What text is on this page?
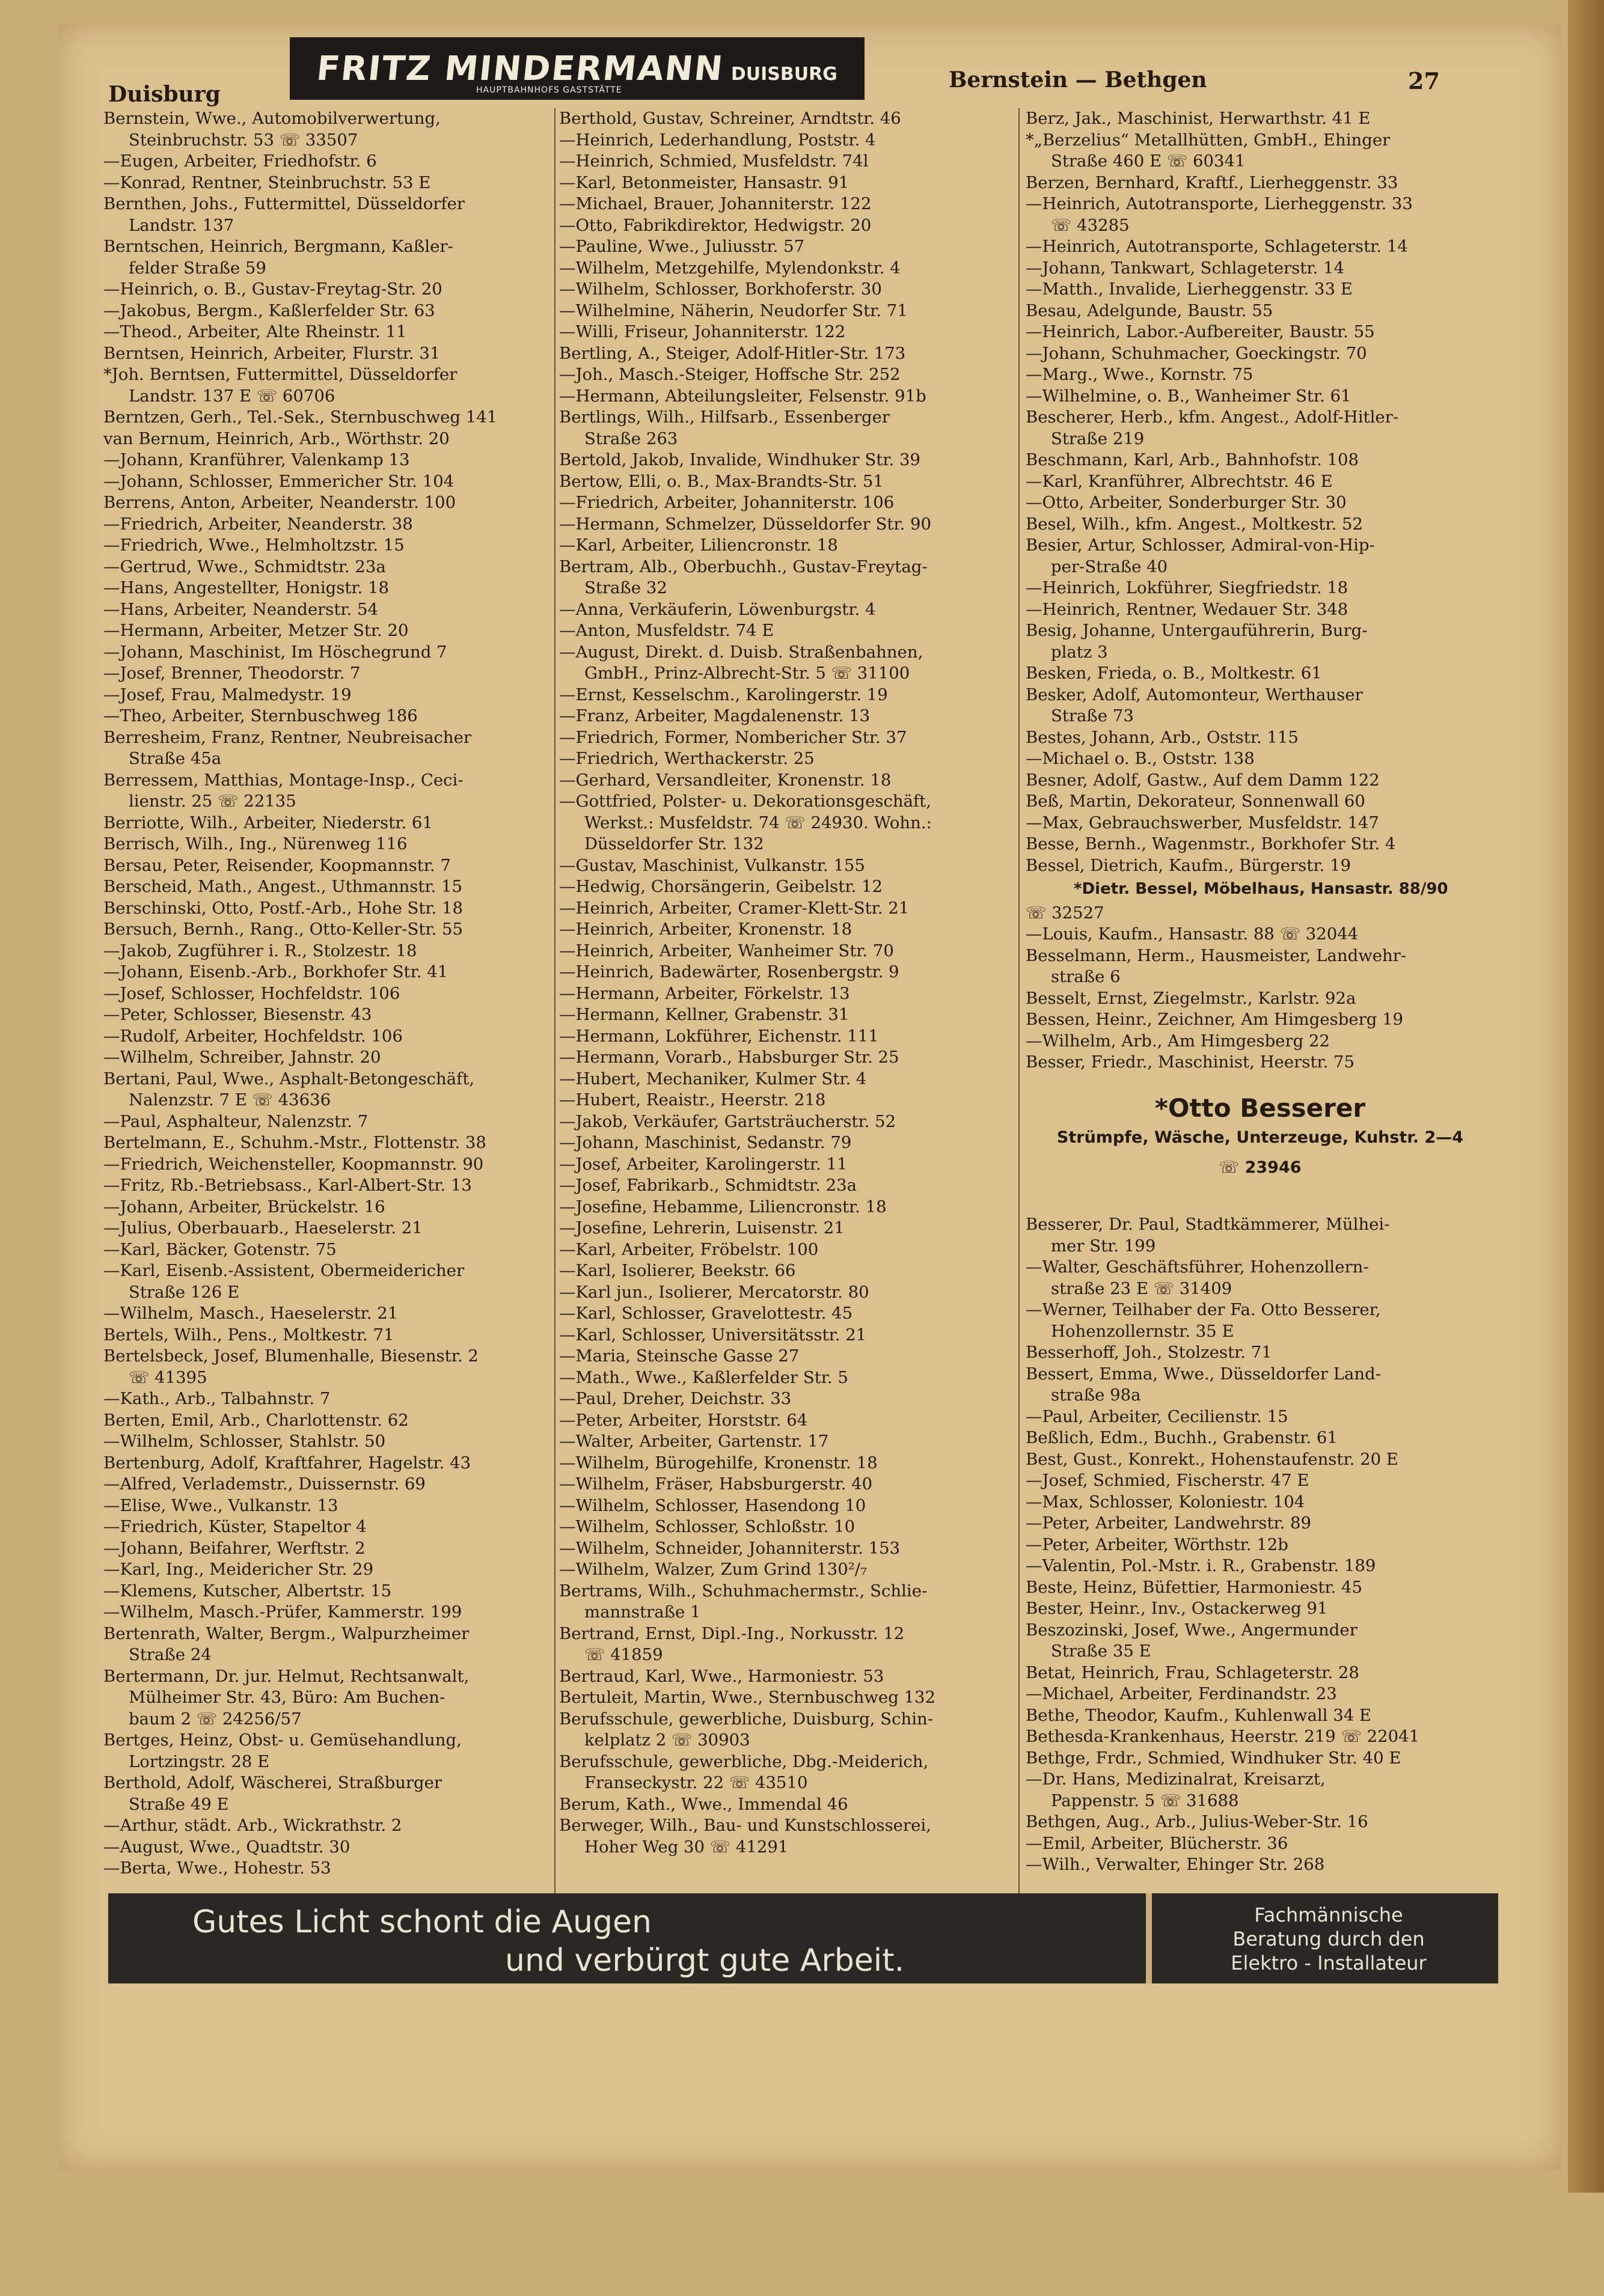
Duisburg
FRITZ MINDERMANN DUISBURG
HAUPTBAHNHOFS GASTSTÄTTE	Bernstein — Bethgen	27
Bernstein, Wwe., Automobilverwertung,
Steinbruchstr. 53 ☏ 33507
—Eugen, Arbeiter, Friedhofstr. 6
—Konrad, Rentner, Steinbruchstr. 53 E
Bernthen, Johs., Futtermittel, Düsseldorfer
Landstr. 137
Berntschen, Heinrich, Bergmann, Kaßler-
felder Straße 59
—Heinrich, o. B., Gustav-Freytag-Str. 20
—Jakobus, Bergm., Kaßlerfelder Str. 63
—Theod., Arbeiter, Alte Rheinstr. 11
Berntsen, Heinrich, Arbeiter, Flurstr. 31
*Joh. Berntsen, Futtermittel, Düsseldorfer
Landstr. 137 E ☏ 60706
Berntzen, Gerh., Tel.-Sek., Sternbuschweg 141
van Bernum, Heinrich, Arb., Wörthstr. 20
—Johann, Kranführer, Valenkamp 13
—Johann, Schlosser, Emmericher Str. 104
Berrens, Anton, Arbeiter, Neanderstr. 100
—Friedrich, Arbeiter, Neanderstr. 38
—Friedrich, Wwe., Helmholtzstr. 15
—Gertrud, Wwe., Schmidtstr. 23a
—Hans, Angestellter, Honigstr. 18
—Hans, Arbeiter, Neanderstr. 54
—Hermann, Arbeiter, Metzer Str. 20
—Johann, Maschinist, Im Höschegrund 7
—Josef, Brenner, Theodorstr. 7
—Josef, Frau, Malmedystr. 19
—Theo, Arbeiter, Sternbuschweg 186
Berresheim, Franz, Rentner, Neubreisacher
Straße 45a
Berressem, Matthias, Montage-Insp., Ceci-
lienstr. 25 ☏ 22135
Berriotte, Wilh., Arbeiter, Niederstr. 61
Berrisch, Wilh., Ing., Nürenweg 116
Bersau, Peter, Reisender, Koopmannstr. 7
Berscheid, Math., Angest., Uthmannstr. 15
Berschinski, Otto, Postf.-Arb., Hohe Str. 18
Bersuch, Bernh., Rang., Otto-Keller-Str. 55
—Jakob, Zugführer i. R., Stolzestr. 18
—Johann, Eisenb.-Arb., Borkhofer Str. 41
—Josef, Schlosser, Hochfeldstr. 106
—Peter, Schlosser, Biesenstr. 43
—Rudolf, Arbeiter, Hochfeldstr. 106
—Wilhelm, Schreiber, Jahnstr. 20
Bertani, Paul, Wwe., Asphalt-Betongeschäft,
Nalenzstr. 7 E ☏ 43636
—Paul, Asphalteur, Nalenzstr. 7
Bertelmann, E., Schuhm.-Mstr., Flottenstr. 38
—Friedrich, Weichensteller, Koopmannstr. 90
—Fritz, Rb.-Betriebsass., Karl-Albert-Str. 13
—Johann, Arbeiter, Brückelstr. 16
—Julius, Oberbauarb., Haeselerstr. 21
—Karl, Bäcker, Gotenstr. 75
—Karl, Eisenb.-Assistent, Obermeidericher
Straße 126 E
—Wilhelm, Masch., Haeselerstr. 21
Bertels, Wilh., Pens., Moltkestr. 71
Bertelsbeck, Josef, Blumenhalle, Biesenstr. 2
☏ 41395
—Kath., Arb., Talbahnstr. 7
Berten, Emil, Arb., Charlottenstr. 62
—Wilhelm, Schlosser, Stahlstr. 50
Bertenburg, Adolf, Kraftfahrer, Hagelstr. 43
—Alfred, Verlademstr., Duissernstr. 69
—Elise, Wwe., Vulkanstr. 13
—Friedrich, Küster, Stapeltor 4
—Johann, Beifahrer, Werftstr. 2
—Karl, Ing., Meidericher Str. 29
—Klemens, Kutscher, Albertstr. 15
—Wilhelm, Masch.-Prüfer, Kammerstr. 199
Bertenrath, Walter, Bergm., Walpurzheimer
Straße 24
Bertermann, Dr. jur. Helmut, Rechtsanwalt,
Mülheimer Str. 43, Büro: Am Buchen-
baum 2 ☏ 24256/57
Bertges, Heinz, Obst- u. Gemüsehandlung,
Lortzingstr. 28 E
Berthold, Adolf, Wäscherei, Straßburger
Straße 49 E
—Arthur, städt. Arb., Wickrathstr. 2
—August, Wwe., Quadtstr. 30
—Berta, Wwe., Hohestr. 53
Berthold, Gustav, Schreiner, Arndtstr. 46
—Heinrich, Lederhandlung, Poststr. 4
—Heinrich, Schmied, Musfeldstr. 74l
—Karl, Betonmeister, Hansastr. 91
—Michael, Brauer, Johanniterstr. 122
—Otto, Fabrikdirektor, Hedwigstr. 20
—Pauline, Wwe., Juliusstr. 57
—Wilhelm, Metzgehilfe, Mylendonkstr. 4
—Wilhelm, Schlosser, Borkhoferstr. 30
—Wilhelmine, Näherin, Neudorfer Str. 71
—Willi, Friseur, Johanniterstr. 122
Bertling, A., Steiger, Adolf-Hitler-Str. 173
—Joh., Masch.-Steiger, Hoffsche Str. 252
—Hermann, Abteilungsleiter, Felsenstr. 91b
Bertlings, Wilh., Hilfsarb., Essenberger
Straße 263
Bertold, Jakob, Invalide, Windhuker Str. 39
Bertow, Elli, o. B., Max-Brandts-Str. 51
—Friedrich, Arbeiter, Johanniterstr. 106
—Hermann, Schmelzer, Düsseldorfer Str. 90
—Karl, Arbeiter, Liliencronstr. 18
Bertram, Alb., Oberbuchh., Gustav-Freytag-
Straße 32
—Anna, Verkäuferin, Löwenburgstr. 4
—Anton, Musfeldstr. 74 E
—August, Direkt. d. Duisb. Straßenbahnen,
GmbH., Prinz-Albrecht-Str. 5 ☏ 31100
—Ernst, Kesselschm., Karolingerstr. 19
—Franz, Arbeiter, Magdalenenstr. 13
—Friedrich, Former, Nombericher Str. 37
—Friedrich, Werthackerstr. 25
—Gerhard, Versandleiter, Kronenstr. 18
—Gottfried, Polster- u. Dekorationsgeschäft,
Werkst.: Musfeldstr. 74 ☏ 24930. Wohn.:
Düsseldorfer Str. 132
—Gustav, Maschinist, Vulkanstr. 155
—Hedwig, Chorsängerin, Geibelstr. 12
—Heinrich, Arbeiter, Cramer-Klett-Str. 21
—Heinrich, Arbeiter, Kronenstr. 18
—Heinrich, Arbeiter, Wanheimer Str. 70
—Heinrich, Badewärter, Rosenbergstr. 9
—Hermann, Arbeiter, Förkelstr. 13
—Hermann, Kellner, Grabenstr. 31
—Hermann, Lokführer, Eichenstr. 111
—Hermann, Vorarb., Habsburger Str. 25
—Hubert, Mechaniker, Kulmer Str. 4
—Hubert, Reaistr., Heerstr. 218
—Jakob, Verkäufer, Gartsträucherstr. 52
—Johann, Maschinist, Sedanstr. 79
—Josef, Arbeiter, Karolingerstr. 11
—Josef, Fabrikarb., Schmidtstr. 23a
—Josefine, Hebamme, Liliencronstr. 18
—Josefine, Lehrerin, Luisenstr. 21
—Karl, Arbeiter, Fröbelstr. 100
—Karl, Isolierer, Beekstr. 66
—Karl jun., Isolierer, Mercatorstr. 80
—Karl, Schlosser, Gravelottestr. 45
—Karl, Schlosser, Universitätsstr. 21
—Maria, Steinsche Gasse 27
—Math., Wwe., Kaßlerfelder Str. 5
—Paul, Dreher, Deichstr. 33
—Peter, Arbeiter, Horststr. 64
—Walter, Arbeiter, Gartenstr. 17
—Wilhelm, Bürogehilfe, Kronenstr. 18
—Wilhelm, Fräser, Habsburgerstr. 40
—Wilhelm, Schlosser, Hasendong 10
—Wilhelm, Schlosser, Schloßstr. 10
—Wilhelm, Schneider, Johanniterstr. 153
—Wilhelm, Walzer, Zum Grind 130²/₇
Bertrams, Wilh., Schuhmachermstr., Schlie-
mannstraße 1
Bertrand, Ernst, Dipl.-Ing., Norkusstr. 12
☏ 41859
Bertraud, Karl, Wwe., Harmoniestr. 53
Bertuleit, Martin, Wwe., Sternbuschweg 132
Berufsschule, gewerbliche, Duisburg, Schin-
kelplatz 2 ☏ 30903
Berufsschule, gewerbliche, Dbg.-Meiderich,
Franseckystr. 22 ☏ 43510
Berum, Kath., Wwe., Immendal 46
Berweger, Wilh., Bau- und Kunstschlosserei,
Hoher Weg 30 ☏ 41291
Berz, Jak., Maschinist, Herwarthstr. 41 E
*„Berzelius“ Metallhütten, GmbH., Ehinger
Straße 460 E ☏ 60341
Berzen, Bernhard, Kraftf., Lierheggenstr. 33
—Heinrich, Autotransporte, Lierheggenstr. 33
☏ 43285
—Heinrich, Autotransporte, Schlageterstr. 14
—Johann, Tankwart, Schlageterstr. 14
—Matth., Invalide, Lierheggenstr. 33 E
Besau, Adelgunde, Baustr. 55
—Heinrich, Labor.-Aufbereiter, Baustr. 55
—Johann, Schuhmacher, Goeckingstr. 70
—Marg., Wwe., Kornstr. 75
—Wilhelmine, o. B., Wanheimer Str. 61
Bescherer, Herb., kfm. Angest., Adolf-Hitler-
Straße 219
Beschmann, Karl, Arb., Bahnhofstr. 108
—Karl, Kranführer, Albrechtstr. 46 E
—Otto, Arbeiter, Sonderburger Str. 30
Besel, Wilh., kfm. Angest., Moltkestr. 52
Besier, Artur, Schlosser, Admiral-von-Hip-
per-Straße 40
—Heinrich, Lokführer, Siegfriedstr. 18
—Heinrich, Rentner, Wedauer Str. 348
Besig, Johanne, Untergauführerin, Burg-
platz 3
Besken, Frieda, o. B., Moltkestr. 61
Besker, Adolf, Automonteur, Werthauser
Straße 73
Bestes, Johann, Arb., Oststr. 115
—Michael o. B., Oststr. 138
Besner, Adolf, Gastw., Auf dem Damm 122
Beß, Martin, Dekorateur, Sonnenwall 60
—Max, Gebrauchswerber, Musfeldstr. 147
Besse, Bernh., Wagenmstr., Borkhofer Str. 4
Bessel, Dietrich, Kaufm., Bürgerstr. 19
*Dietr. Bessel, Möbelhaus, Hansastr. 88/90
☏ 32527
—Louis, Kaufm., Hansastr. 88 ☏ 32044
Besselmann, Herm., Hausmeister, Landwehr-
straße 6
Besselt, Ernst, Ziegelmstr., Karlstr. 92a
Bessen, Heinr., Zeichner, Am Himgesberg 19
—Wilhelm, Arb., Am Himgesberg 22
Besser, Friedr., Maschinist, Heerstr. 75
*Otto Besserer
Strümpfe, Wäsche, Unterzeuge, Kuhstr. 2—4
☏ 23946
Besserer, Dr. Paul, Stadtkämmerer, Mülhei-
mer Str. 199
—Walter, Geschäftsführer, Hohenzollern-
straße 23 E ☏ 31409
—Werner, Teilhaber der Fa. Otto Besserer,
Hohenzollernstr. 35 E
Besserhoff, Joh., Stolzestr. 71
Bessert, Emma, Wwe., Düsseldorfer Land-
straße 98a
—Paul, Arbeiter, Cecilienstr. 15
Beßlich, Edm., Buchh., Grabenstr. 61
Best, Gust., Konrekt., Hohenstaufenstr. 20 E
—Josef, Schmied, Fischerstr. 47 E
—Max, Schlosser, Koloniestr. 104
—Peter, Arbeiter, Landwehrstr. 89
—Peter, Arbeiter, Wörthstr. 12b
—Valentin, Pol.-Mstr. i. R., Grabenstr. 189
Beste, Heinz, Büfettier, Harmoniestr. 45
Bester, Heinr., Inv., Ostackerweg 91
Beszozinski, Josef, Wwe., Angermunder
Straße 35 E
Betat, Heinrich, Frau, Schlageterstr. 28
—Michael, Arbeiter, Ferdinandstr. 23
Bethe, Theodor, Kaufm., Kuhlenwall 34 E
Bethesda-Krankenhaus, Heerstr. 219 ☏ 22041
Bethge, Frdr., Schmied, Windhuker Str. 40 E
—Dr. Hans, Medizinalrat, Kreisarzt,
Pappenstr. 5 ☏ 31688
Bethgen, Aug., Arb., Julius-Weber-Str. 16
—Emil, Arbeiter, Blücherstr. 36
—Wilh., Verwalter, Ehinger Str. 268
Gutes Licht schont die Augen
und verbürgt gute Arbeit.
Fachmännische
Beratung durch den
Elektro - Installateur
